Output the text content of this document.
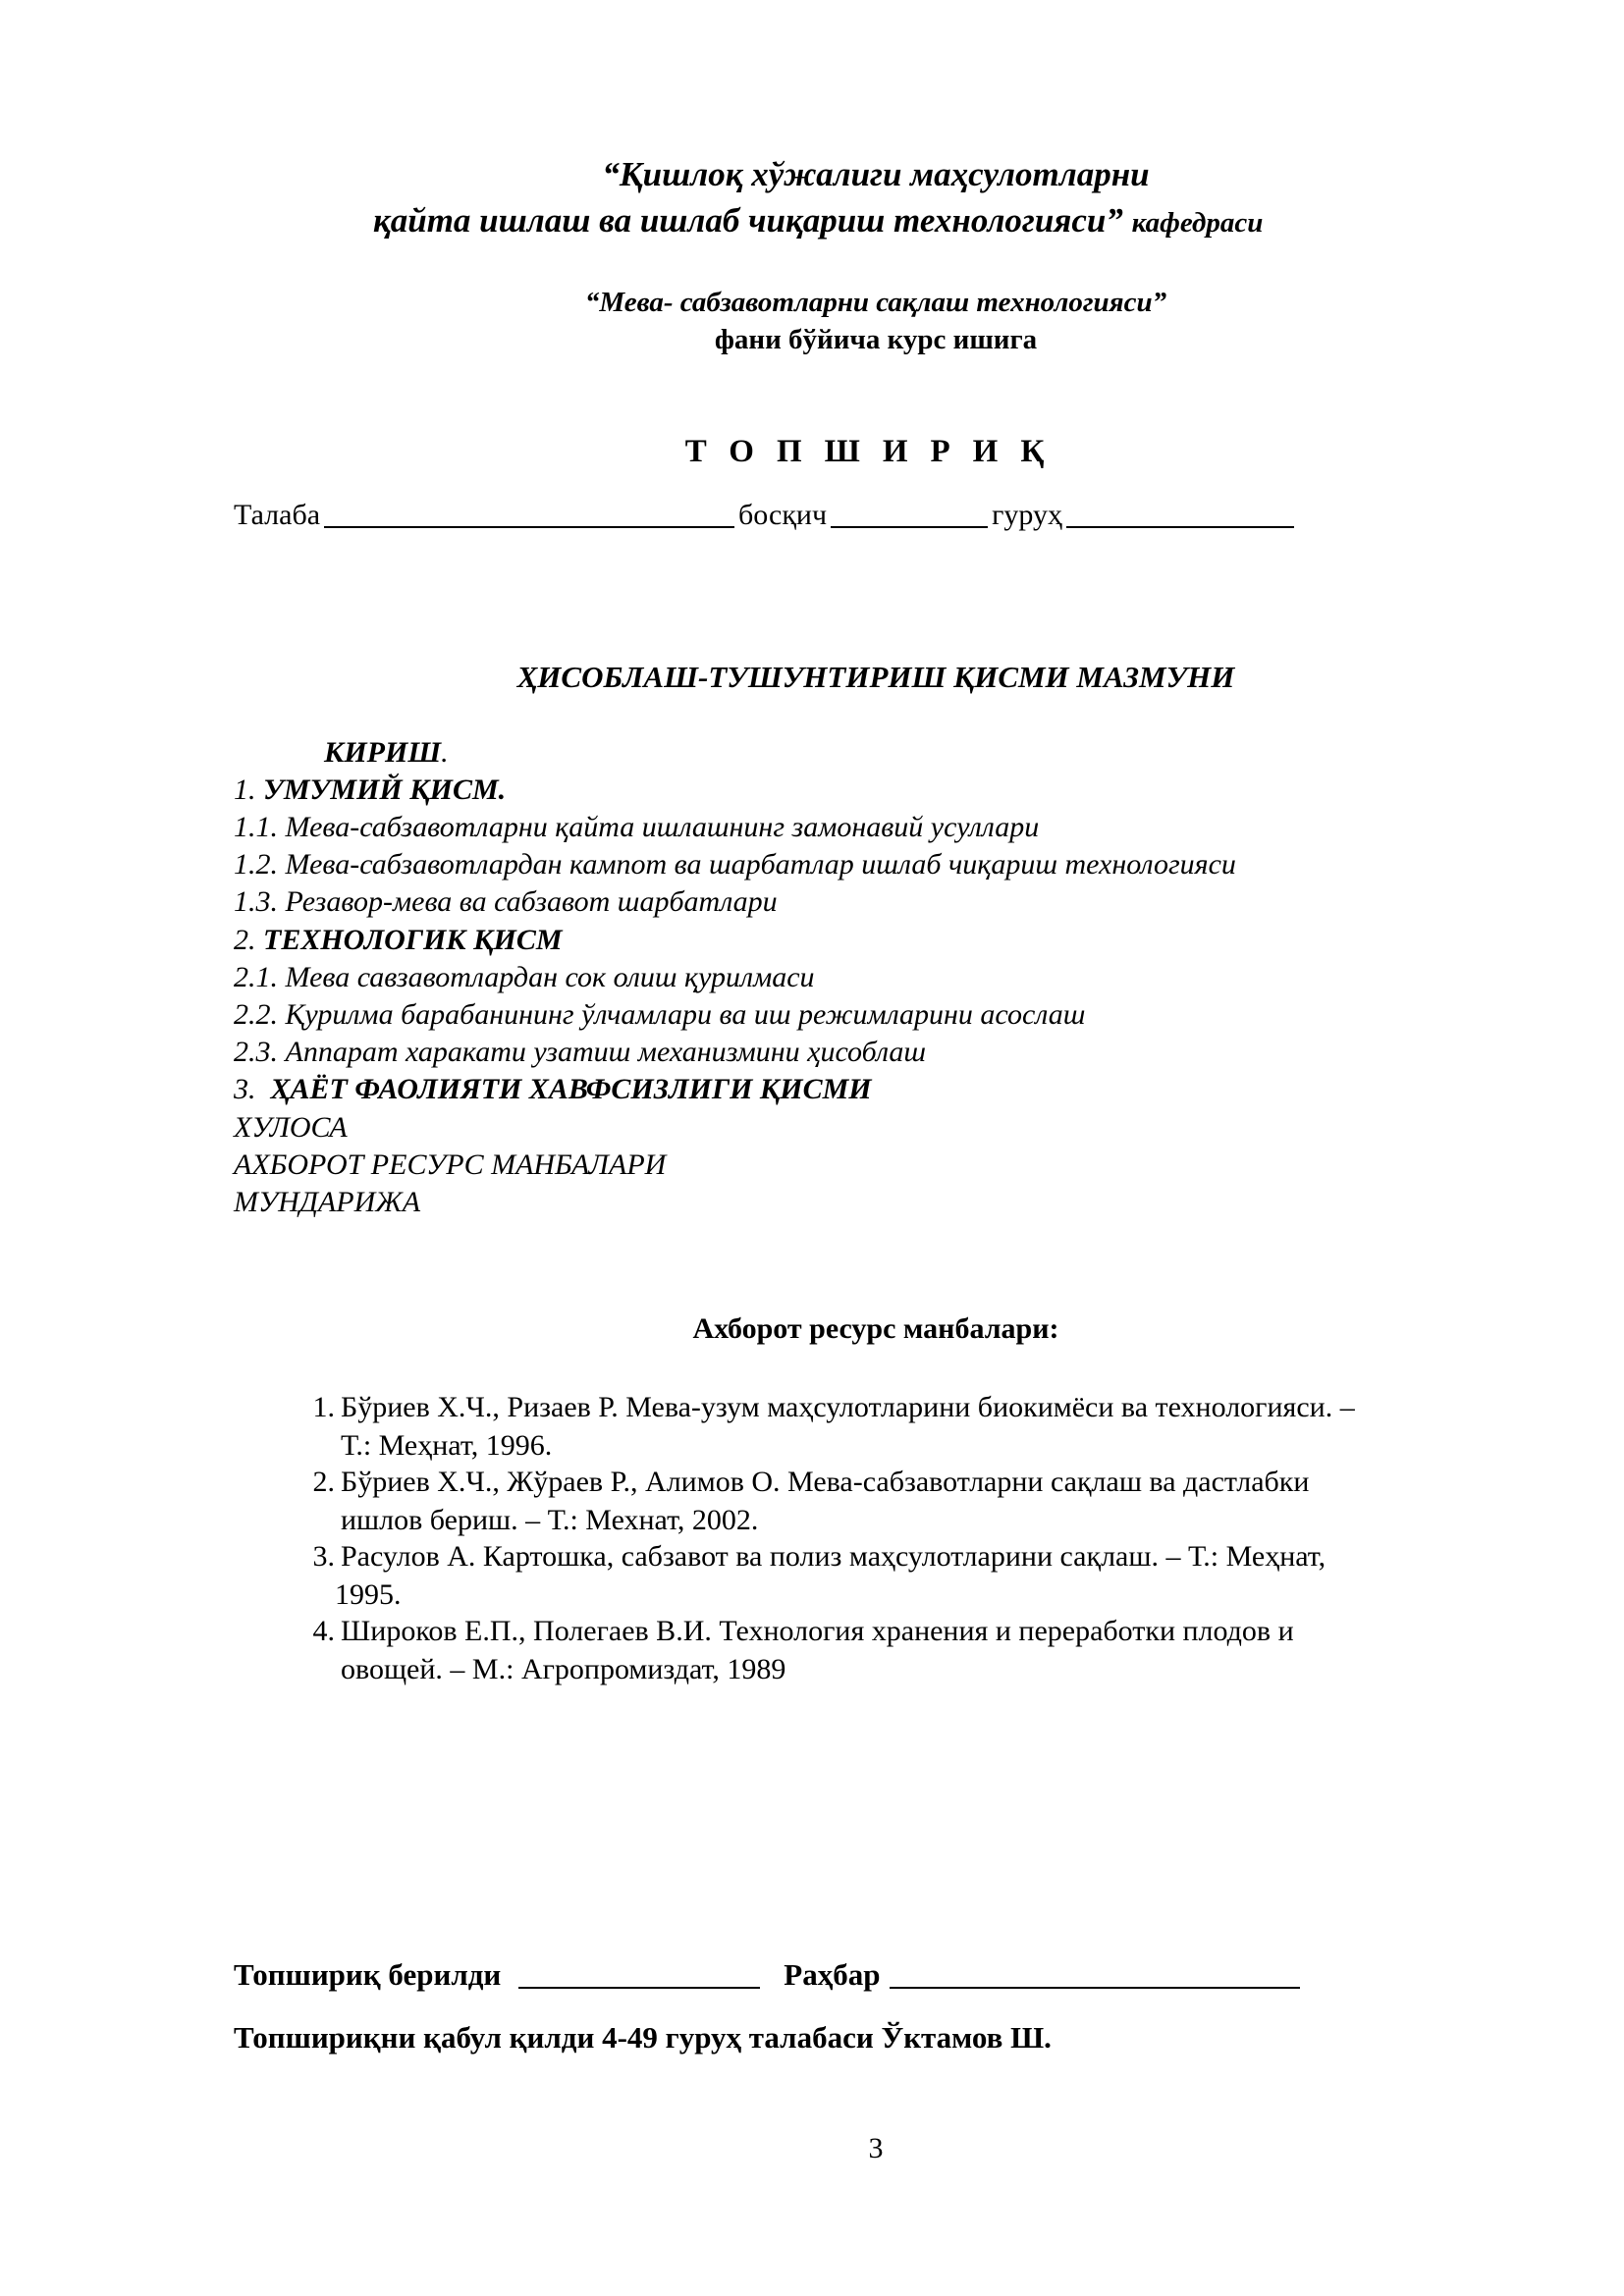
“Қишлоқ хўжалиги маҳсулотларни
қайта ишлаш ва ишлаб чиқариш технологияси” кафедраси
“Мева- сабзавотларни сақлаш технологияси”
фани бўйича курс ишига
ТОПШИРИҚ
Талаба	босқич	гуруҳ
ҲИСОБЛАШ-ТУШУНТИРИШ ҚИСМИ МАЗМУНИ
КИРИШ.
1. УМУМИЙ ҚИСМ.
1.1. Мева-сабзавотларни қайта ишлашнинг замонавий усуллари
1.2. Мева-сабзавотлардан кампот ва шарбатлар ишлаб чиқариш технологияси
1.3. Резавор-мева ва сабзавот шарбатлари
2. ТЕХНОЛОГИК ҚИСМ
2.1. Мева савзавотлардан сок олиш қурилмаси
2.2. Қурилма барабанининг ўлчамлари ва иш режимларини асослаш
2.3. Аппарат харакати узатиш механизмини ҳисоблаш
3. ҲАЁТ ФАОЛИЯТИ ХАВФСИЗЛИГИ ҚИСМИ
ХУЛОСА
АХБОРОТ РЕСУРС МАНБАЛАРИ
МУНДАРИЖА
Ахборот ресурс манбалари:
1. Бўриев Х.Ч., Ризаев Р. Мева-узум маҳсулотларини биокимёси ва технологияси. –
Т.: Меҳнат, 1996.
2. Бўриев Х.Ч., Жўраев Р., Алимов О. Мева-сабзавотларни сақлаш ва дастлабки
ишлов бериш. – Т.: Мехнат, 2002.
3. Расулов А. Картошка, сабзавот ва полиз маҳсулотларини сақлаш. – Т.: Меҳнат,
1995.
4. Широков Е.П., Полегаев В.И. Технология хранения и переработки плодов и
овощей. – М.: Агропромиздат, 1989
Топшириқ берилди	Раҳбар
Топшириқни қабул қилди 4-49 гуруҳ талабаси Ўктамов Ш.
3
